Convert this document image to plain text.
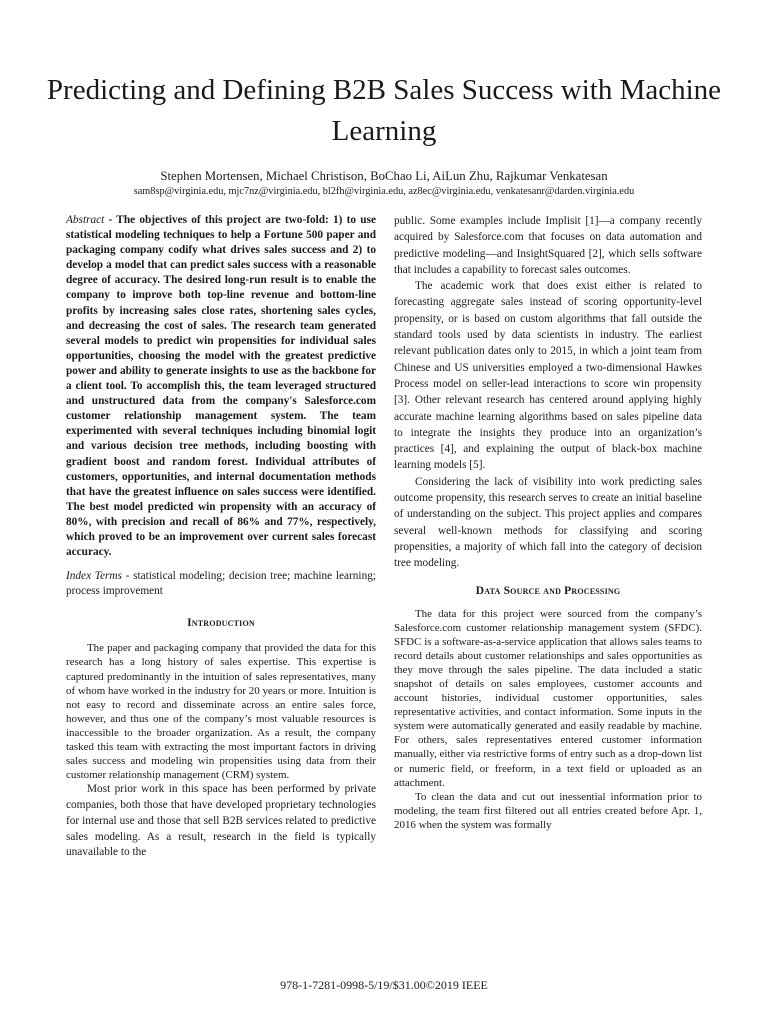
Predicting and Defining B2B Sales Success with Machine Learning
Stephen Mortensen, Michael Christison, BoChao Li, AiLun Zhu, Rajkumar Venkatesan
sam8sp@virginia.edu, mjc7nz@virginia.edu, bl2fh@virginia.edu, az8ec@virginia.edu, venkatesanr@darden.virginia.edu

Abstract - The objectives of this project are two-fold: 1) to use statistical modeling techniques to help a Fortune 500 paper and packaging company codify what drives sales success and 2) to develop a model that can predict sales success with a reasonable degree of accuracy. The desired long-run result is to enable the company to improve both top-line revenue and bottom-line profits by increasing sales close rates, shortening sales cycles, and decreasing the cost of sales. The research team generated several models to predict win propensities for individual sales opportunities, choosing the model with the greatest predictive power and ability to generate insights to use as the backbone for a client tool. To accomplish this, the team leveraged structured and unstructured data from the company's Salesforce.com customer relationship management system. The team experimented with several techniques including binomial logit and various decision tree methods, including boosting with gradient boost and random forest. Individual attributes of customers, opportunities, and internal documentation methods that have the greatest influence on sales success were identified. The best model predicted win propensity with an accuracy of 80%, with precision and recall of 86% and 77%, respectively, which proved to be an improvement over current sales forecast accuracy.

Index Terms - statistical modeling; decision tree; machine learning; process improvement

Introduction

The paper and packaging company that provided the data for this research has a long history of sales expertise. This expertise is captured predominantly in the intuition of sales representatives, many of whom have worked in the industry for 20 years or more. Intuition is not easy to record and disseminate across an entire sales force, however, and thus one of the company’s most valuable resources is inaccessible to the broader organization. As a result, the company tasked this team with extracting the most important factors in driving sales success and modeling win propensities using data from their customer relationship management (CRM) system.

Most prior work in this space has been performed by private companies, both those that have developed proprietary technologies for internal use and those that sell B2B services related to predictive sales modeling. As a result, research in the field is typically unavailable to the

public. Some examples include Implisit [1]—a company recently acquired by Salesforce.com that focuses on data automation and predictive modeling—and InsightSquared [2], which sells software that includes a capability to forecast sales outcomes.

The academic work that does exist either is related to forecasting aggregate sales instead of scoring opportunity-level propensity, or is based on custom algorithms that fall outside the standard tools used by data scientists in industry. The earliest relevant publication dates only to 2015, in which a joint team from Chinese and US universities employed a two-dimensional Hawkes Process model on seller-lead interactions to score win propensity [3]. Other relevant research has centered around applying highly accurate machine learning algorithms based on sales pipeline data to integrate the insights they produce into an organization’s practices [4], and explaining the output of black-box machine learning models [5].

Considering the lack of visibility into work predicting sales outcome propensity, this research serves to create an initial baseline of understanding on the subject. This project applies and compares several well-known methods for classifying and scoring propensities, a majority of which fall into the category of decision tree modeling.

Data Source and Processing

The data for this project were sourced from the company’s Salesforce.com customer relationship management system (SFDC). SFDC is a software-as-a-service application that allows sales teams to record details about customer relationships and sales opportunities as they move through the sales pipeline. The data included a static snapshot of details on sales employees, customer accounts and account histories, individual customer opportunities, sales representative activities, and contact information. Some inputs in the system were automatically generated and easily readable by machine. For others, sales representatives entered customer information manually, either via restrictive forms of entry such as a drop-down list or numeric field, or freeform, in a text field or uploaded as an attachment.

To clean the data and cut out inessential information prior to modeling, the team first filtered out all entries created before Apr. 1, 2016 when the system was formally

978-1-7281-0998-5/19/$31.00©2019 IEEE
